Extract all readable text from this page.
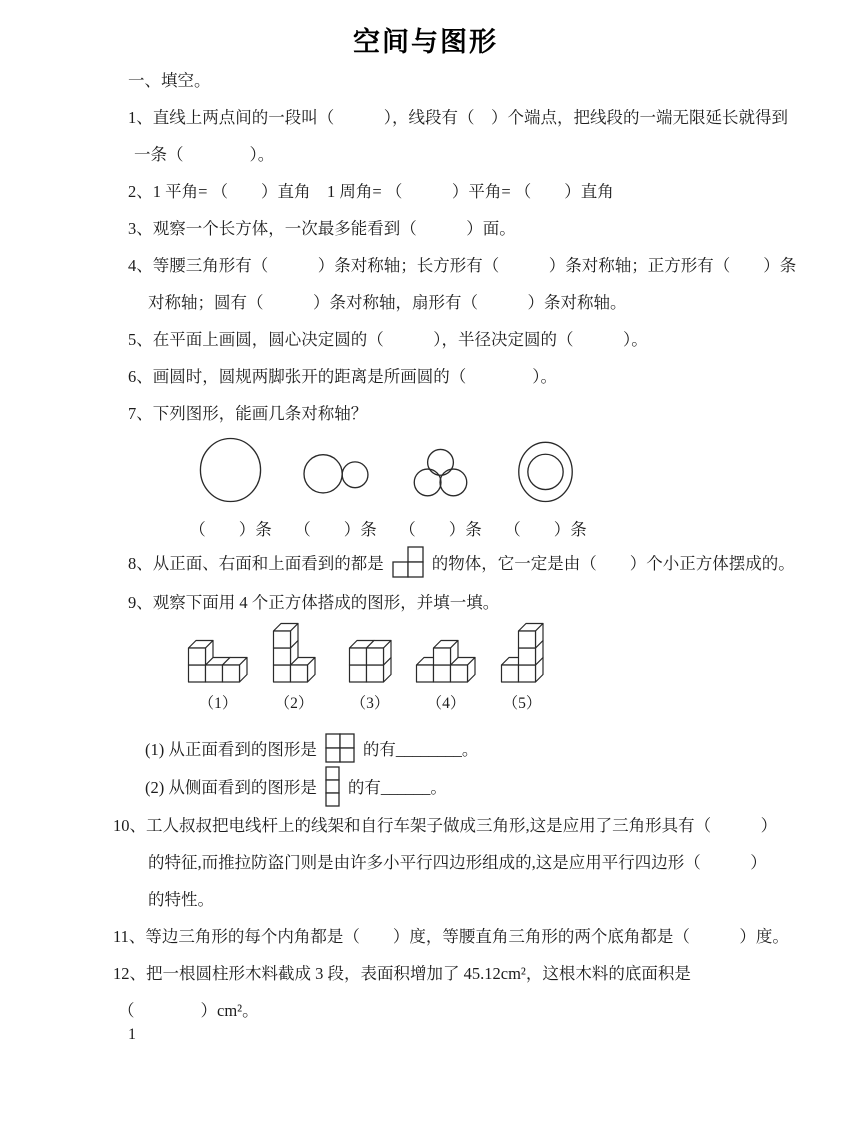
空间与图形
一、填空。
1、直线上两点间的一段叫（　　　），线段有（　）个端点，把线段的一端无限延长就得到
一条（　　　　）。
2、1 平角= （　　）直角　1 周角= （　　　）平角= （　　）直角
3、观察一个长方体，一次最多能看到（　　　）面。
4、等腰三角形有（　　　）条对称轴；长方形有（　　　）条对称轴；正方形有（　　）条
对称轴；圆有（　　　）条对称轴，扇形有（　　　）条对称轴。
5、在平面上画圆，圆心决定圆的（　　　），半径决定圆的（　　　）。
6、画圆时，圆规两脚张开的距离是所画圆的（　　　　）。
7、下列图形，能画几条对称轴？
（　　）条	（　　）条	（　　）条	（　　）条
8、从正面、右面和上面看到的都是	的物体，它一定是由（　　）个小正方体摆成的。
9、观察下面用 4 个正方体搭成的图形，并填一填。
（1）	（2）	（3）	（4）	（5）
(1) 从正面看到的图形是	的有________。
(2) 从侧面看到的图形是 的有______。
10、工人叔叔把电线杆上的线架和自行车架子做成三角形,这是应用了三角形具有（　　　）
的特征,而推拉防盗门则是由许多小平行四边形组成的,这是应用平行四边形（　　　）
的特性。
11、等边三角形的每个内角都是（　　）度，等腰直角三角形的两个底角都是（　　　）度。
12、把一根圆柱形木料截成 3 段，表面积增加了 45.12cm²，这根木料的底面积是
（　　　　）cm²。
1
